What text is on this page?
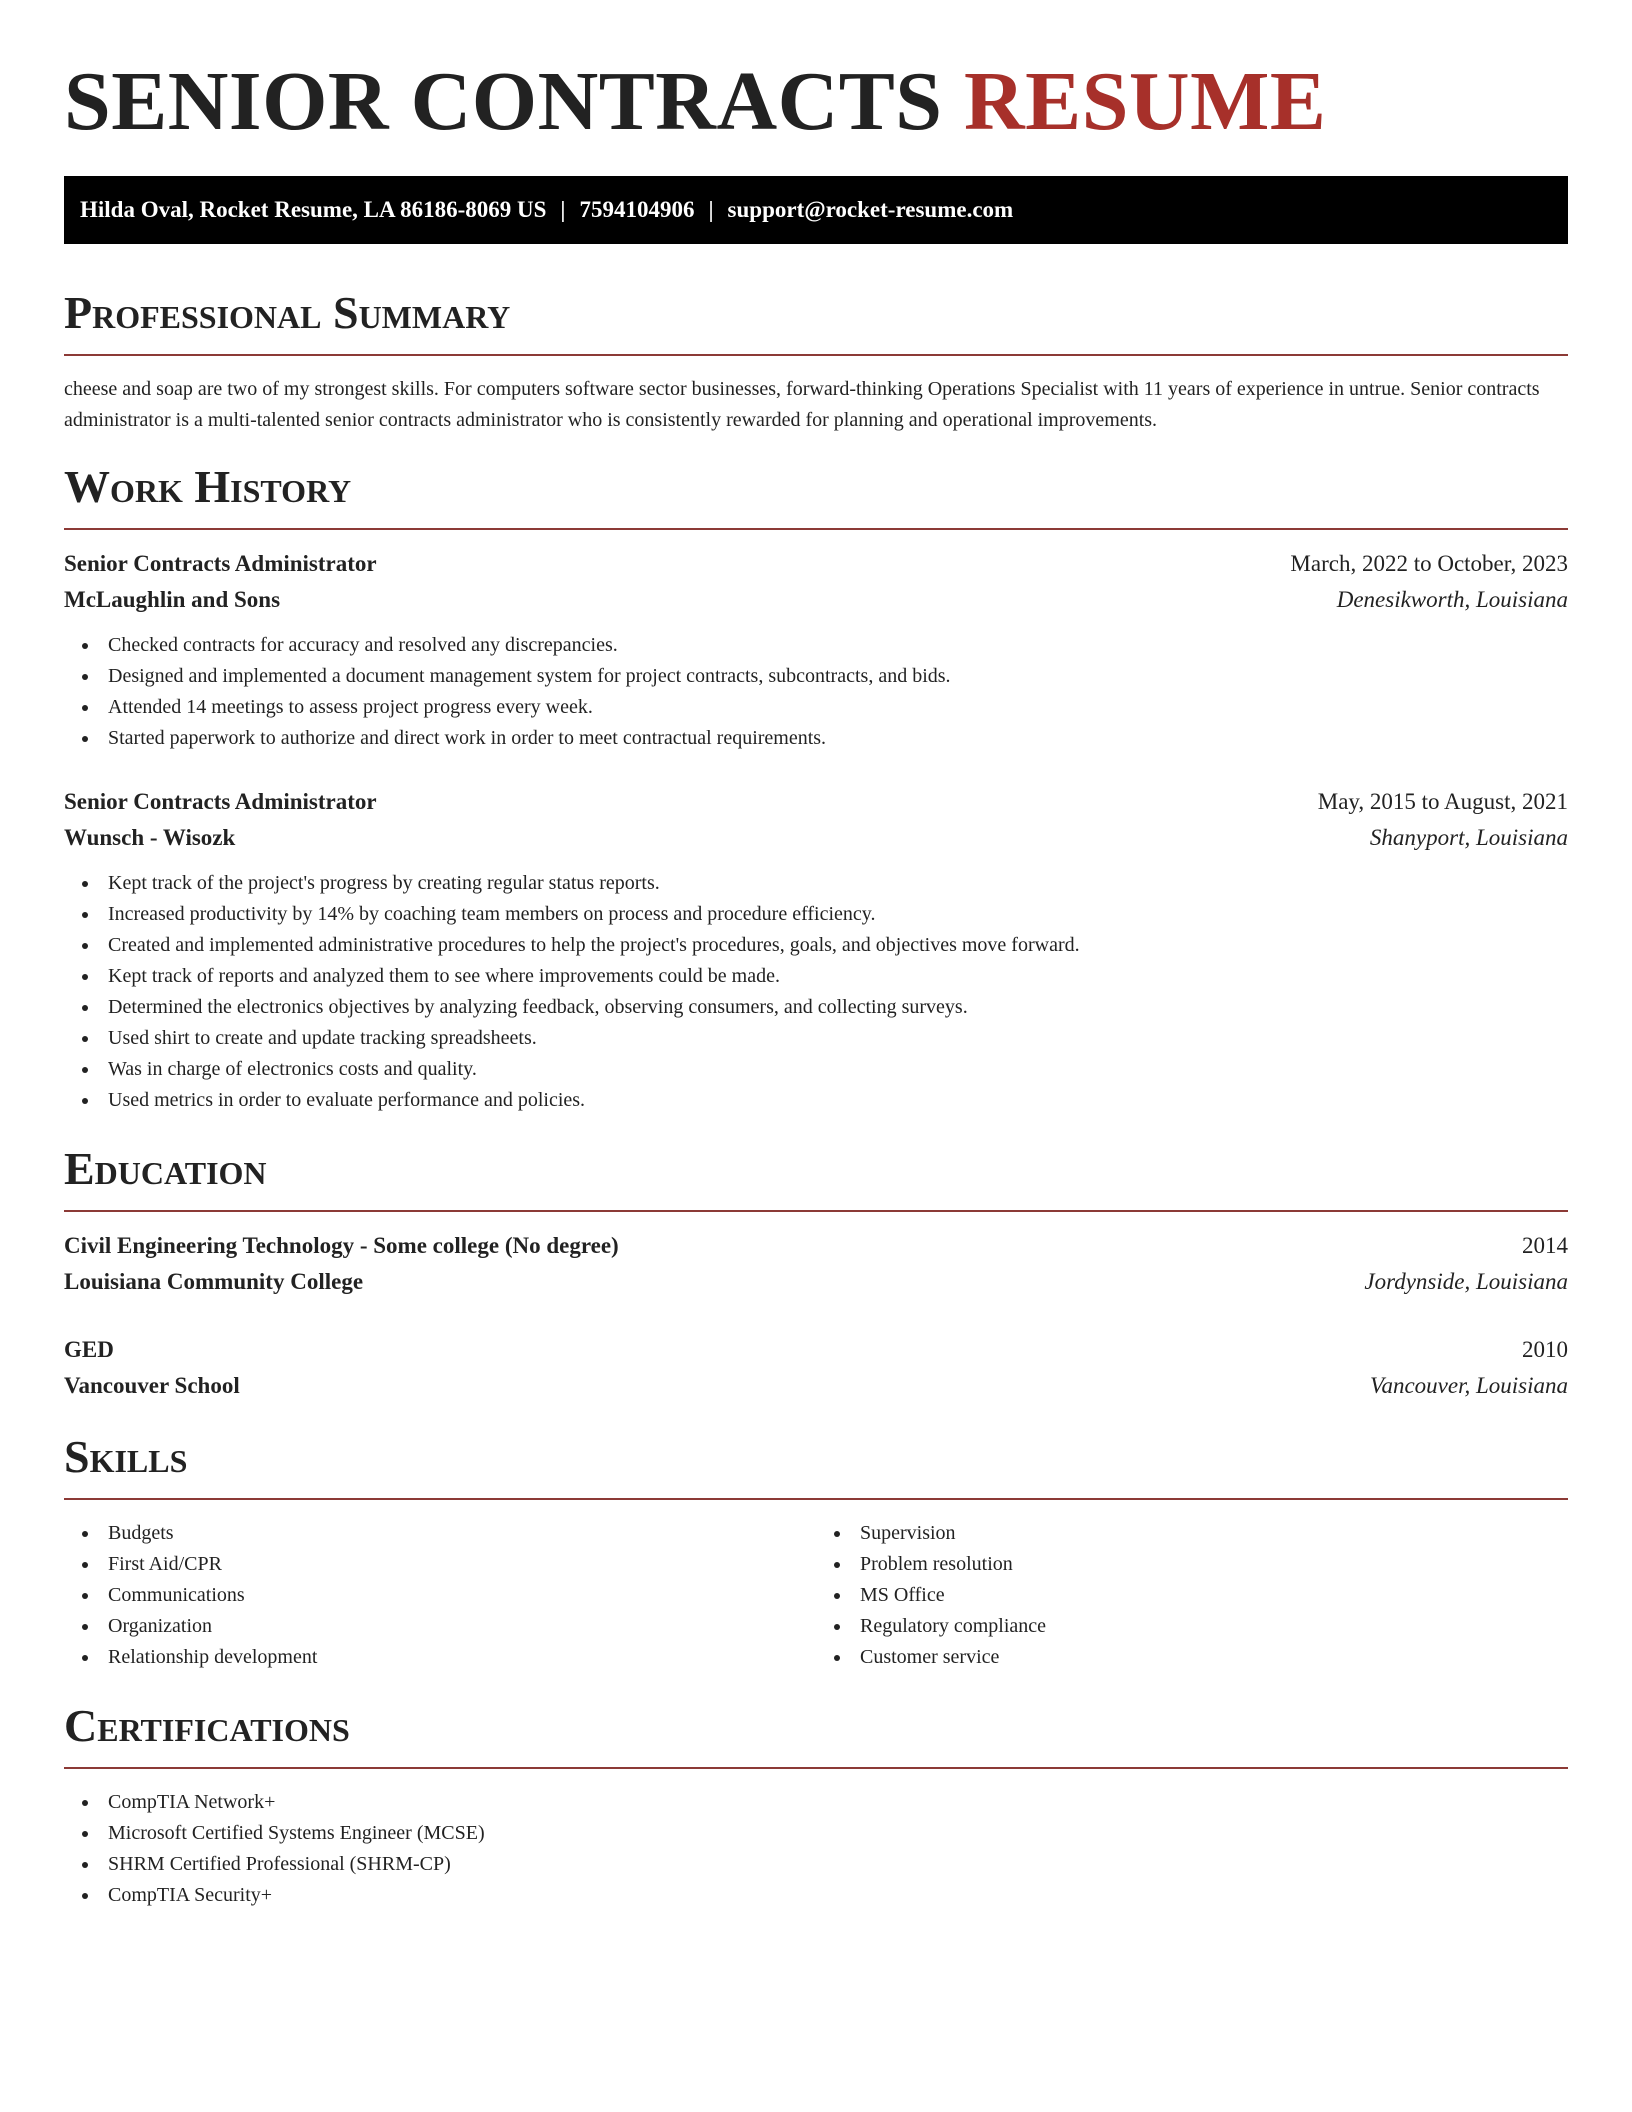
SENIOR CONTRACTS RESUME
Hilda Oval, Rocket Resume, LA 86186-8069 US | 7594104906 | support@rocket-resume.com
Professional Summary

cheese and soap are two of my strongest skills. For computers software sector businesses, forward-thinking Operations Specialist with 11 years of experience in untrue. Senior contracts administrator is a multi-talented senior contracts administrator who is consistently rewarded for planning and operational improvements.

Work History
Senior Contracts Administrator	March, 2022 to October, 2023
McLaughlin and Sons	Denesikworth, Louisiana
Checked contracts for accuracy and resolved any discrepancies.
Designed and implemented a document management system for project contracts, subcontracts, and bids.
Attended 14 meetings to assess project progress every week.
Started paperwork to authorize and direct work in order to meet contractual requirements.
Senior Contracts Administrator	May, 2015 to August, 2021
Wunsch - Wisozk	Shanyport, Louisiana
Kept track of the project's progress by creating regular status reports.
Increased productivity by 14% by coaching team members on process and procedure efficiency.
Created and implemented administrative procedures to help the project's procedures, goals, and objectives move forward.
Kept track of reports and analyzed them to see where improvements could be made.
Determined the electronics objectives by analyzing feedback, observing consumers, and collecting surveys.
Used shirt to create and update tracking spreadsheets.
Was in charge of electronics costs and quality.
Used metrics in order to evaluate performance and policies.
Education
Civil Engineering Technology - Some college (No degree)	2014
Louisiana Community College	Jordynside, Louisiana
GED	2010
Vancouver School	Vancouver, Louisiana
Skills
Budgets
First Aid/CPR
Communications
Organization
Relationship development
Supervision
Problem resolution
MS Office
Regulatory compliance
Customer service
Certifications
CompTIA Network+
Microsoft Certified Systems Engineer (MCSE)
SHRM Certified Professional (SHRM-CP)
CompTIA Security+
